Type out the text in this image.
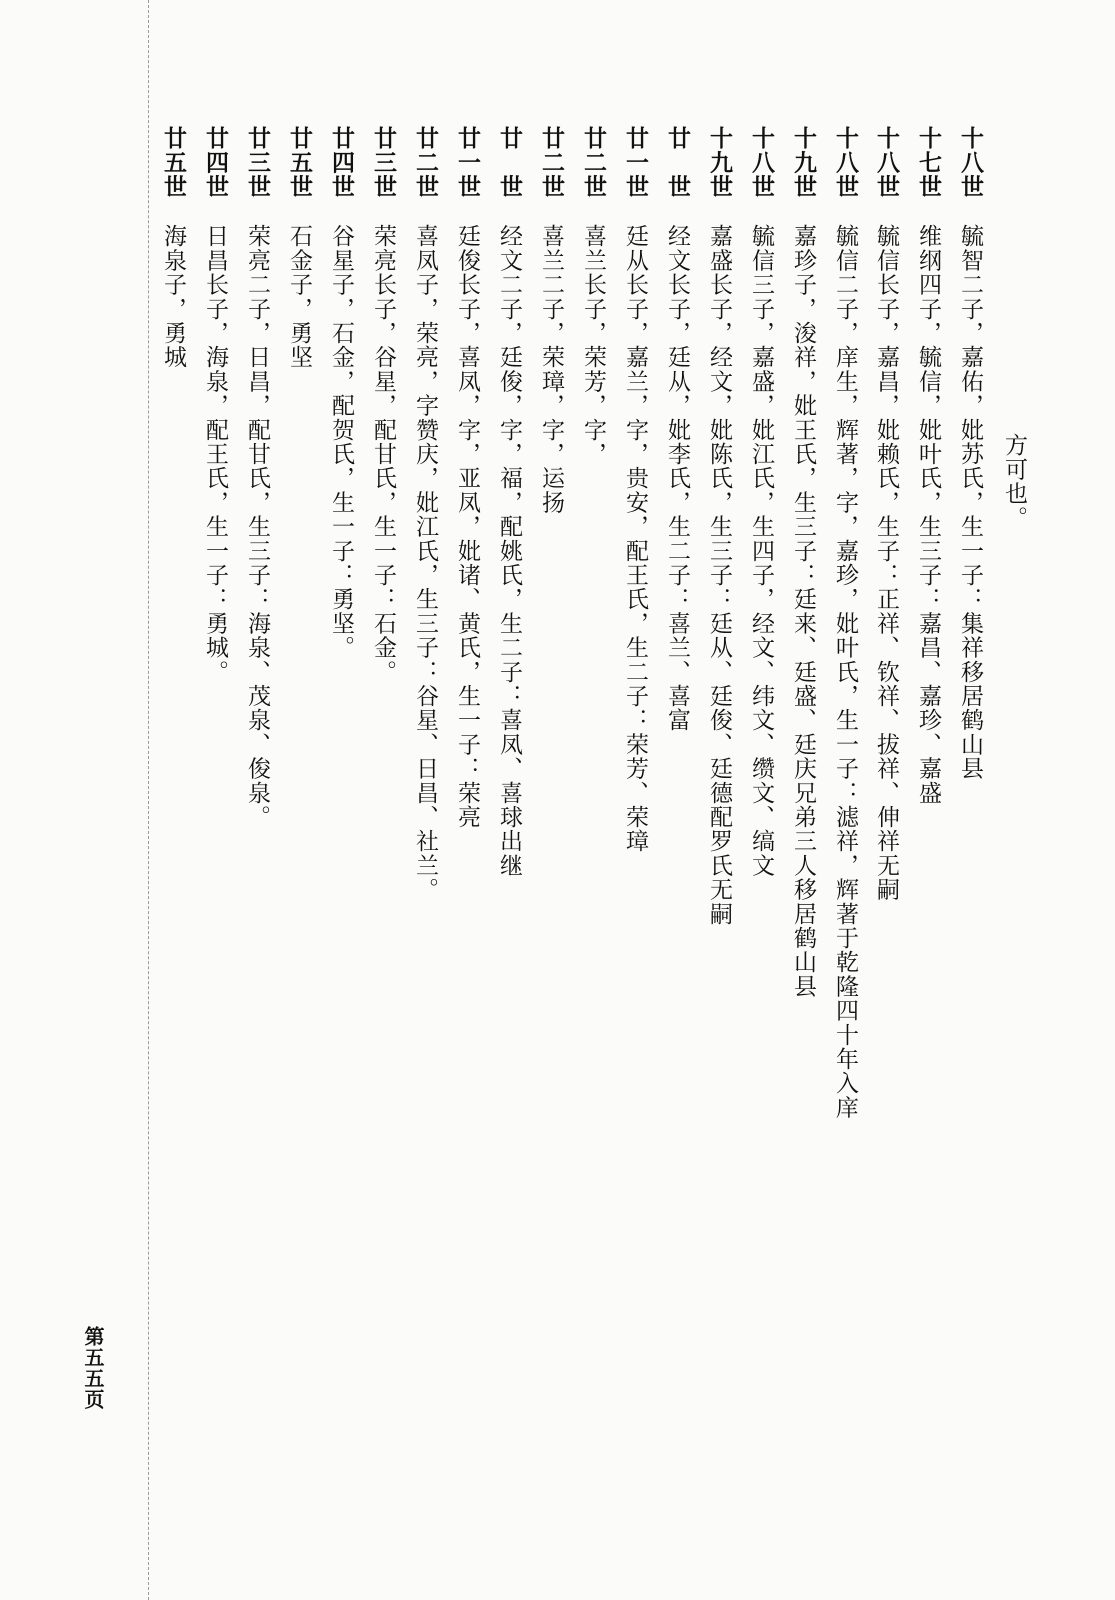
方可也。
十八世毓智二子，嘉佑，妣苏氏，生一子：集祥移居鹤山县
十七世维纲四子，毓信，妣叶氏，生三子：嘉昌、嘉珍、嘉盛
十八世毓信长子，嘉昌，妣赖氏，生子：正祥、钦祥、拔祥、伸祥无嗣
十八世毓信二子，庠生，辉著，字，嘉珍，妣叶氏，生一子：滤祥，辉著于乾隆四十年入庠
十九世嘉珍子，浚祥，妣王氏，生三子：廷来、廷盛、廷庆兄弟三人移居鹤山县
十八世毓信三子，嘉盛，妣江氏，生四子，经文、纬文、缵文、缟文
十九世嘉盛长子，经文，妣陈氏，生三子：廷从、廷俊、廷德配罗氏无嗣
廿　世经文长子，廷从，妣李氏，生二子：喜兰、喜富
廿一世廷从长子，嘉兰，字，贵安，配王氏，生二子：荣芳、荣璋
廿二世喜兰长子，荣芳，字，
廿二世喜兰二子，荣璋，字，运扬
廿　世经文二子，廷俊，字，福，配姚氏，生二子：喜凤、喜球出继
廿一世廷俊长子，喜凤，字，亚凤，妣诸、黄氏，生一子：荣亮
廿二世喜凤子，荣亮，字赞庆，妣江氏，生三子：谷星、日昌、社兰。
廿三世荣亮长子，谷星，配甘氏，生一子：石金。
廿四世谷星子，石金，配贺氏，生一子：勇坚。
廿五世石金子，勇坚
廿三世荣亮二子，日昌，配甘氏，生三子：海泉、茂泉、俊泉。
廿四世日昌长子，海泉，配王氏，生一子：勇城。
廿五世海泉子，勇城
第五五页
